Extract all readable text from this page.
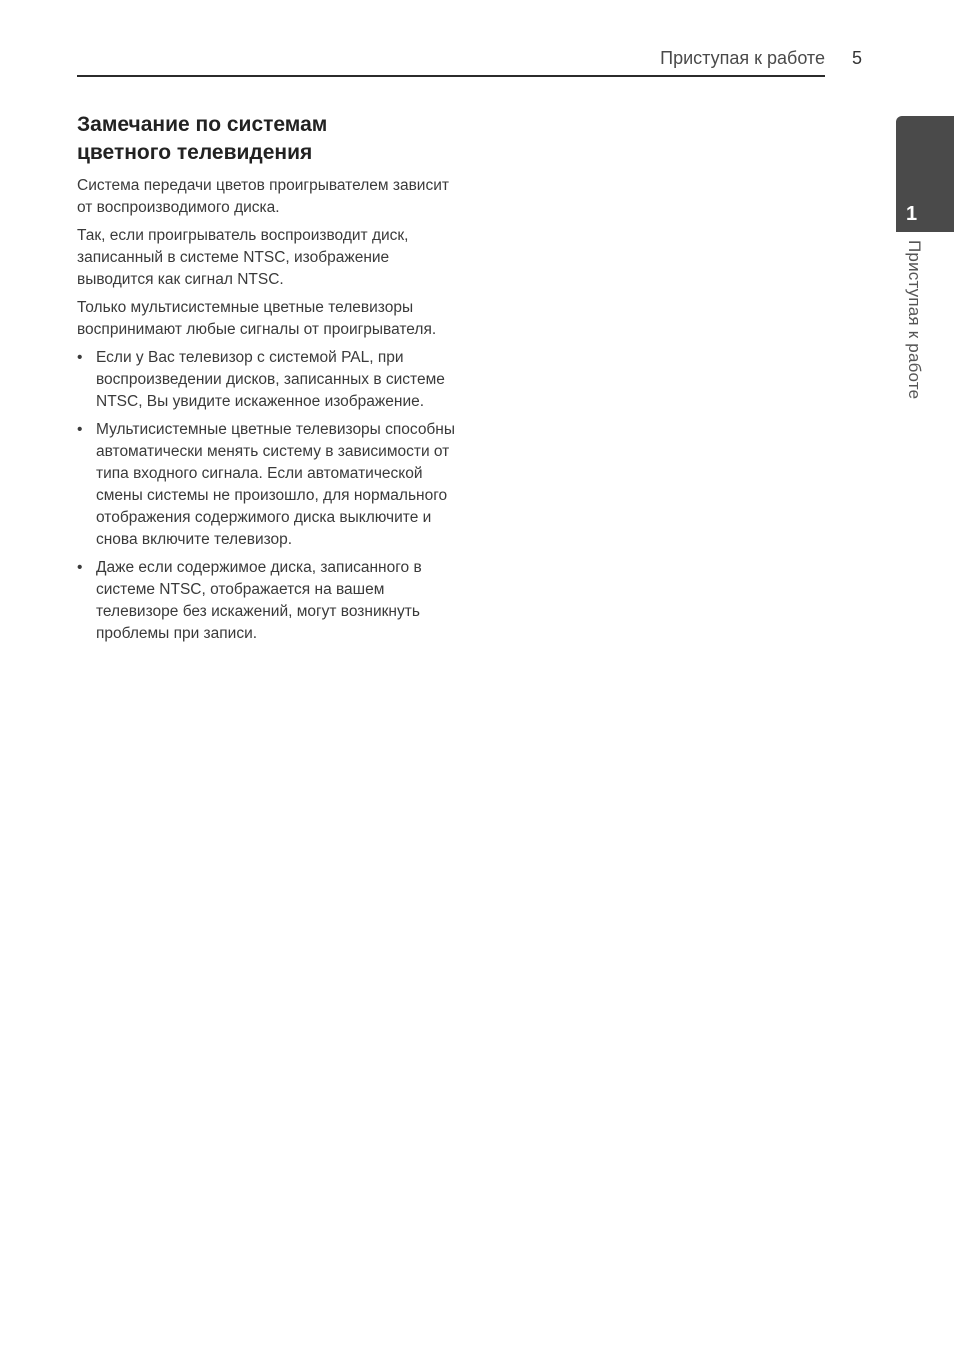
Приступая к работе 5
1
Приступая к работе
Замечание по системам
цветного телевидения

Система передачи цветов проигрывателем зависит от воспроизводимого диска.

Так, если проигрыватель воспроизводит диск, записанный в системе NTSC, изображение выводится как сигнал NTSC.

Только мультисистемные цветные телевизоры воспринимают любые сигналы от проигрывателя.

• Если у Вас телевизор с системой PAL, при воспроизведении дисков, записанных в системе NTSC, Вы увидите искаженное изображение.
• Мультисистемные цветные телевизоры способны автоматически менять систему в зависимости от типа входного сигнала. Если автоматической смены системы не произошло, для нормального отображения содержимого диска выключите и снова включите телевизор.
• Даже если содержимое диска, записанного в системе NTSC, отображается на вашем телевизоре без искажений, могут возникнуть проблемы при записи.
